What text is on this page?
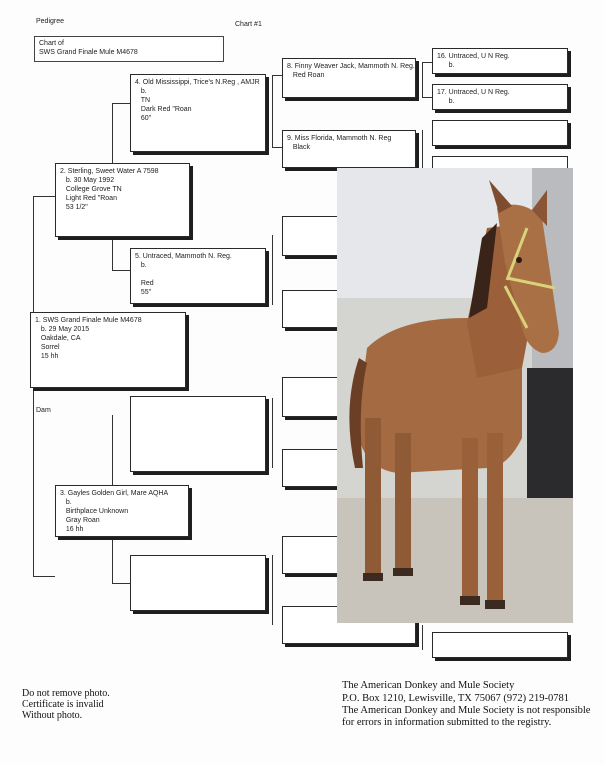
Pedigree	Chart #1
Chart of
SWS Grand Finale Mule M4678
1. SWS Grand Finale Mule M4678
b. 29 May 2015
Oakdale, CA
Sorrel
15 hh
2. Sterling, Sweet Water A 7598
b. 30 May 1992
College Grove TN
Light Red "Roan
53 1/2"
Dam
3. Gayles Golden Girl, Mare AQHA
b.
Birthplace Unknown
Gray Roan
16 hh
4. Old Mississippi, Trice's N.Reg , AMJR
b.
TN
Dark Red "Roan
60"
5. Untraced, Mammoth N. Reg.
b.

Red
55"
8. Finny Weaver Jack, Mammoth N. Reg.
Red Roan
9. Miss Florida, Mammoth N. Reg
Black
16. Untraced, U N Reg.
b.
17. Untraced, U N Reg.
b.
Do not remove photo.
Certificate is invalid
Without photo.
The American Donkey and Mule Society
P.O. Box 1210, Lewisville, TX 75067 (972) 219-0781
The American Donkey and Mule Society is not responsible
for errors in information submitted to the registry.
